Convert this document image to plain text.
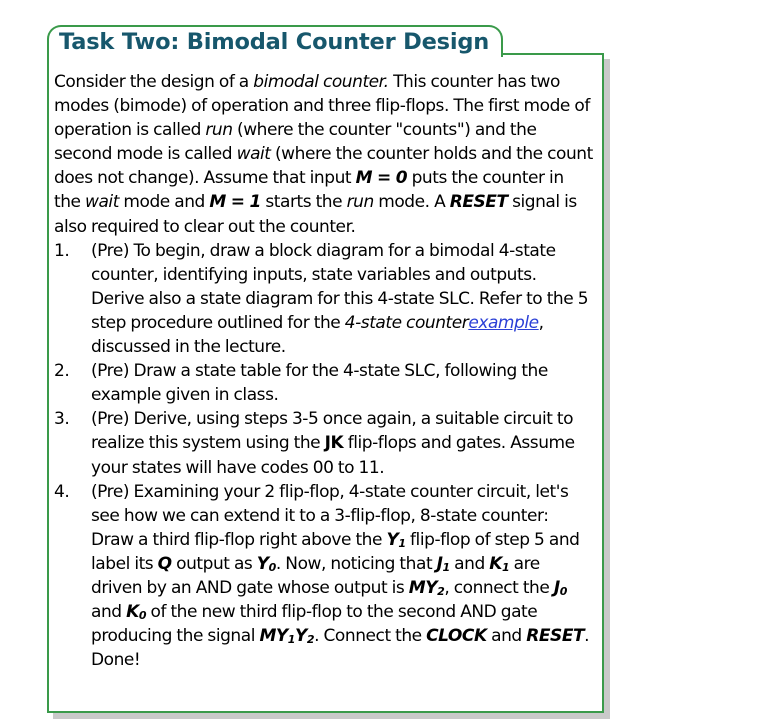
Task Two: Bimodal Counter Design

Consider the design of a bimodal counter. This counter has two modes (bimode) of operation and three flip-flops. The first mode of operation is called run (where the counter "counts") and the second mode is called wait (where the counter holds and the count does not change). Assume that input M = 0 puts the counter in the wait mode and M = 1 starts the run mode. A RESET signal is also required to clear out the counter.

1.	(Pre) To begin, draw a block diagram for a bimodal 4-state counter, identifying inputs, state variables and outputs. Derive also a state diagram for this 4-state SLC. Refer to the 5 step procedure outlined for the 4-state counterexample, discussed in the lecture.
2.	(Pre) Draw a state table for the 4-state SLC, following the example given in class.
3.	(Pre) Derive, using steps 3-5 once again, a suitable circuit to realize this system using the JK flip-flops and gates. Assume your states will have codes 00 to 11.
4.	(Pre) Examining your 2 flip-flop, 4-state counter circuit, let's see how we can extend it to a 3-flip-flop, 8-state counter: Draw a third flip-flop right above the $Y_1$ flip-flop of step 5 and label its Q output as $Y_0$. Now, noticing that $J_1$ and $K_1$ are driven by an AND gate whose output is $MY_2$, connect the $J_0$ and $K_0$ of the new third flip-flop to the second AND gate producing the signal $MY_1Y_2$. Connect the CLOCK and RESET. Done!
